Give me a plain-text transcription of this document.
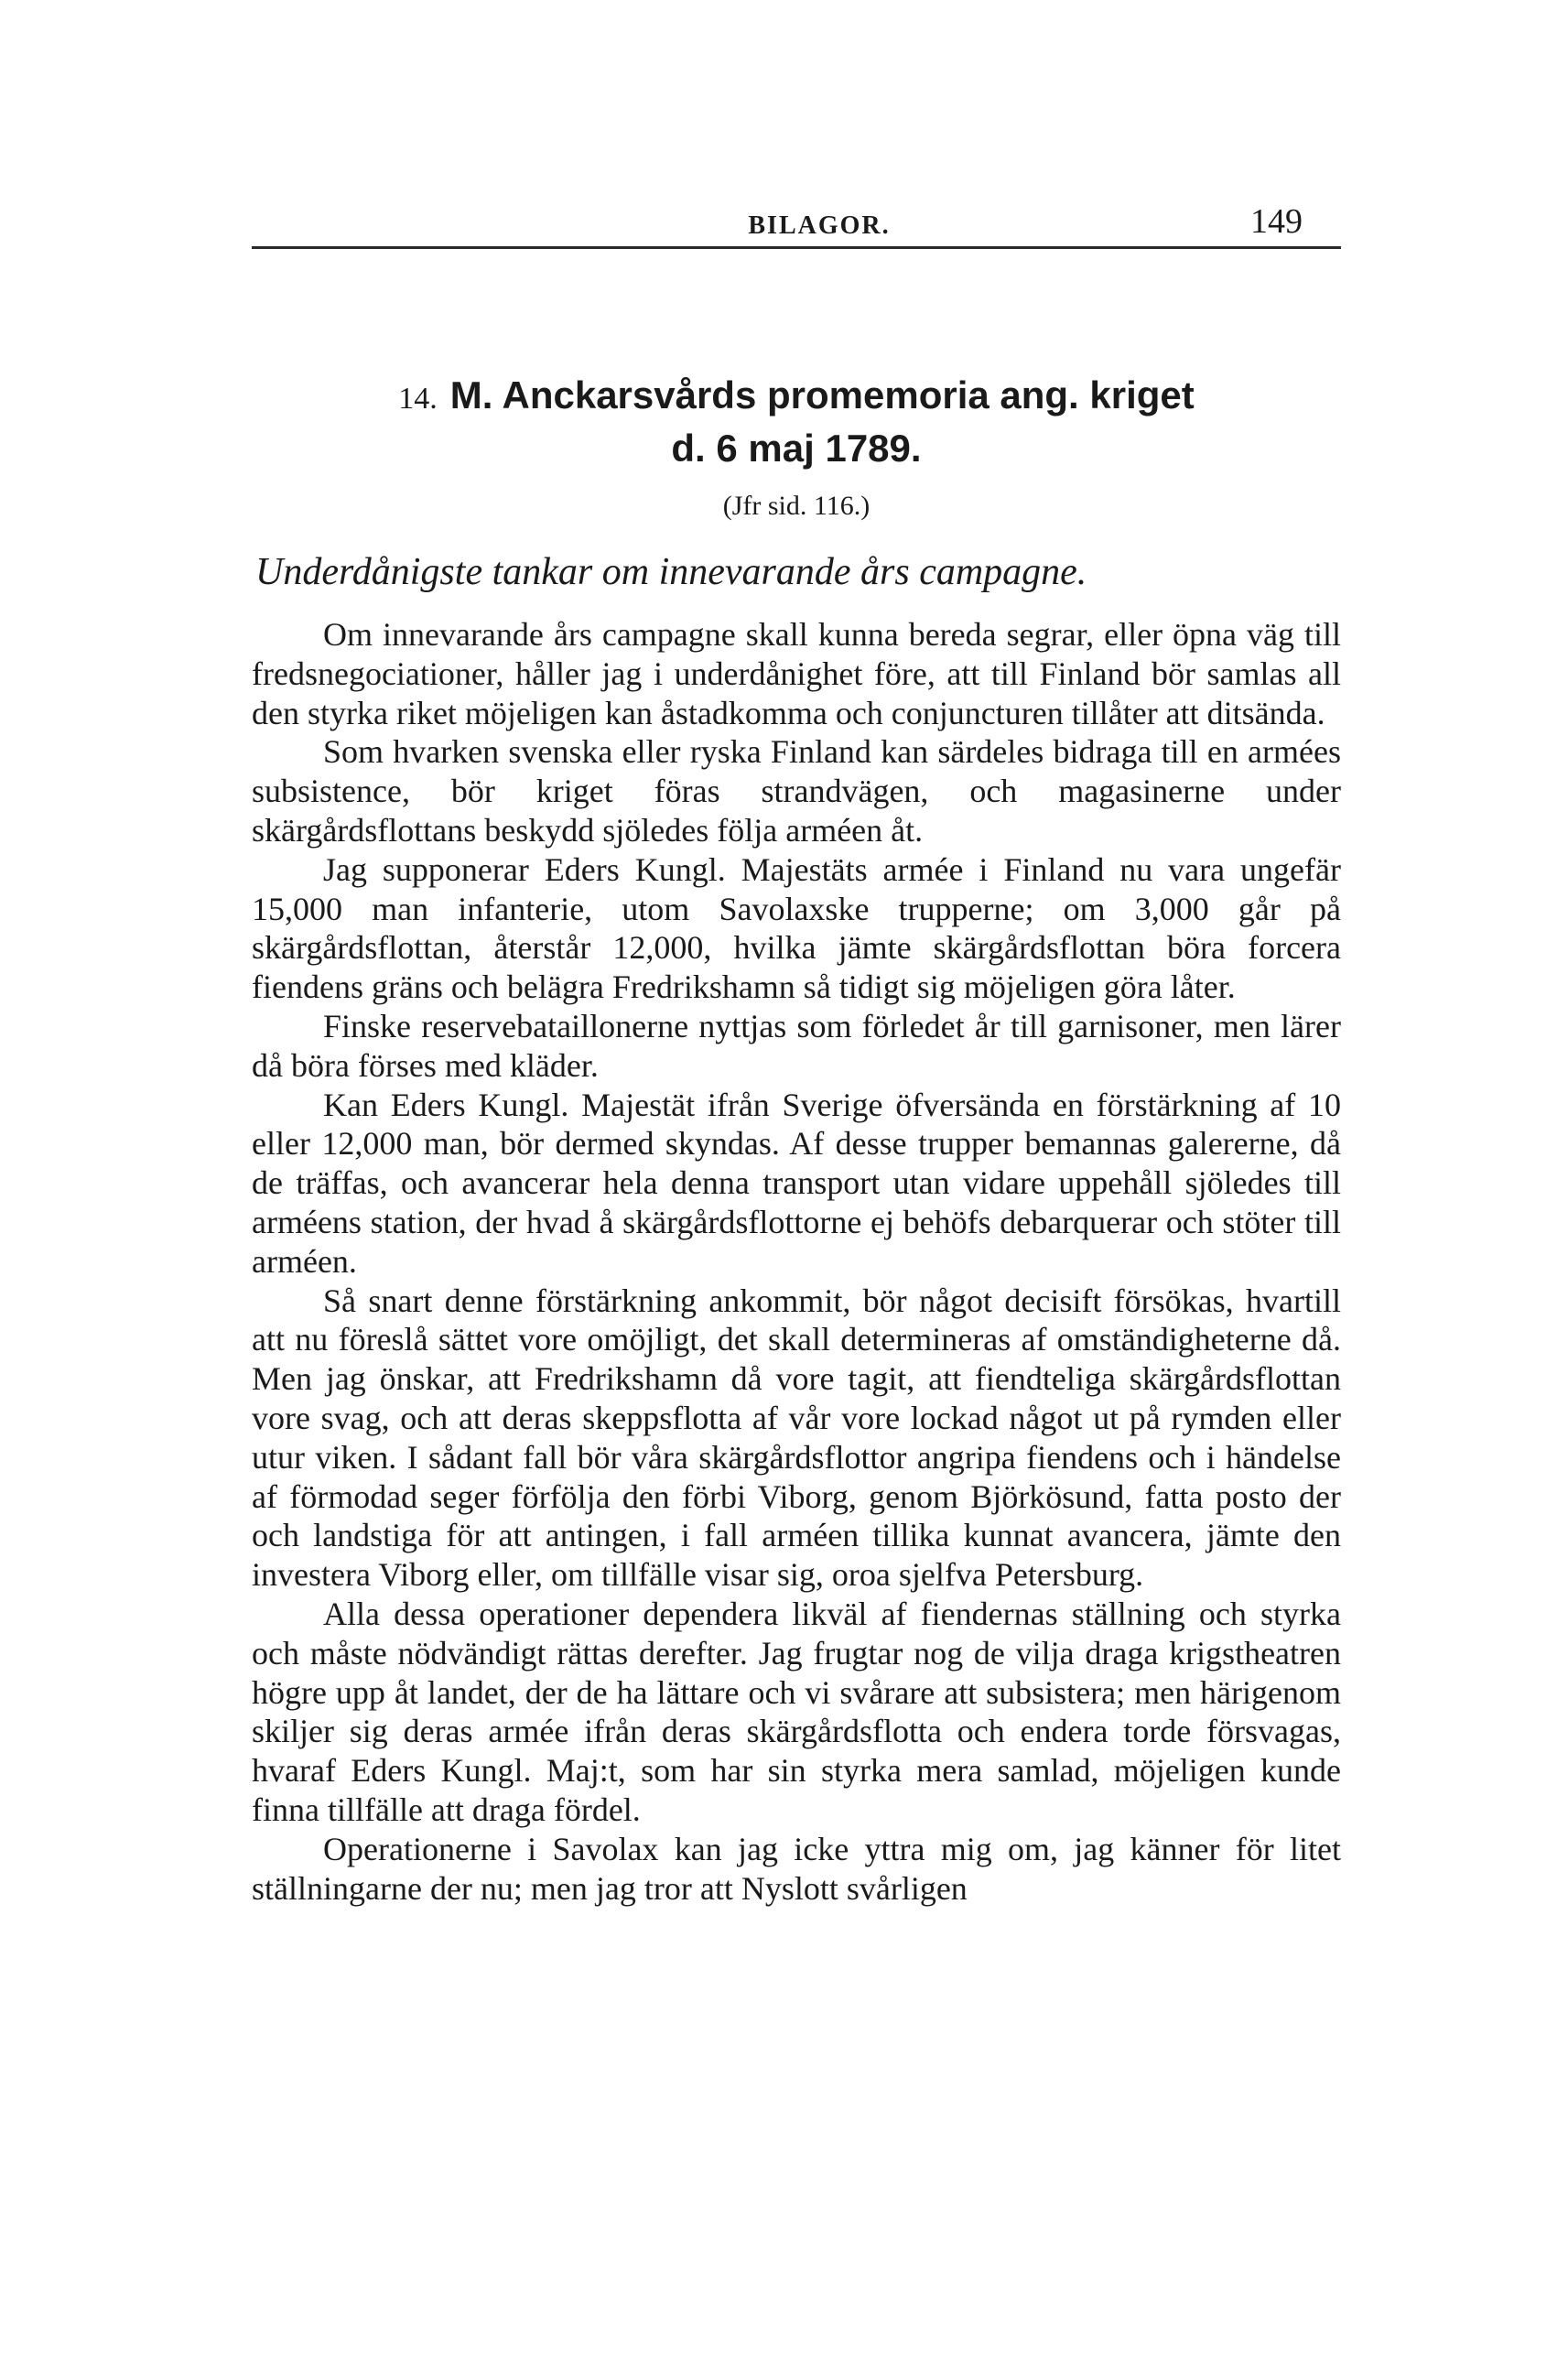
BILAGOR.	149
14. M. Anckarsvårds promemoria ang. kriget
d. 6 maj 1789.
(Jfr sid. 116.)
Underdånigste tankar om innevarande års campagne.

Om innevarande års campagne skall kunna bereda segrar, eller öpna väg till fredsnegociationer, håller jag i underdånighet före, att till Finland bör samlas all den styrka riket möjeligen kan åstadkomma och conjuncturen tillåter att ditsända.

Som hvarken svenska eller ryska Finland kan särdeles bidraga till en armées subsistence, bör kriget föras strandvägen, och magasinerne under skärgårdsflottans beskydd sjöledes följa arméen åt.

Jag supponerar Eders Kungl. Majestäts armée i Finland nu vara ungefär 15,000 man infanterie, utom Savolaxske trupperne; om 3,000 går på skärgårdsflottan, återstår 12,000, hvilka jämte skärgårdsflottan böra forcera fiendens gräns och belägra Fredrikshamn så tidigt sig möjeligen göra låter.

Finske reservebataillonerne nyttjas som förledet år till garnisoner, men lärer då böra förses med kläder.

Kan Eders Kungl. Majestät ifrån Sverige öfversända en förstärkning af 10 eller 12,000 man, bör dermed skyndas. Af desse trupper bemannas galererne, då de träffas, och avancerar hela denna transport utan vidare uppehåll sjöledes till arméens station, der hvad å skärgårdsflottorne ej behöfs debarquerar och stöter till arméen.

Så snart denne förstärkning ankommit, bör något decisift försökas, hvartill att nu föreslå sättet vore omöjligt, det skall determineras af omständigheterne då. Men jag önskar, att Fredrikshamn då vore tagit, att fiendteliga skärgårdsflottan vore svag, och att deras skeppsflotta af vår vore lockad något ut på rymden eller utur viken. I sådant fall bör våra skärgårdsflottor angripa fiendens och i händelse af förmodad seger förfölja den förbi Viborg, genom Björkösund, fatta posto der och landstiga för att antingen, i fall arméen tillika kunnat avancera, jämte den investera Viborg eller, om tillfälle visar sig, oroa sjelfva Petersburg.

Alla dessa operationer dependera likväl af fiendernas ställning och styrka och måste nödvändigt rättas derefter. Jag frugtar nog de vilja draga krigstheatren högre upp åt landet, der de ha lättare och vi svårare att subsistera; men härigenom skiljer sig deras armée ifrån deras skärgårdsflotta och endera torde försvagas, hvaraf Eders Kungl. Maj:t, som har sin styrka mera samlad, möjeligen kunde finna tillfälle att draga fördel.

Operationerne i Savolax kan jag icke yttra mig om, jag känner för litet ställningarne der nu; men jag tror att Nyslott svårligen
